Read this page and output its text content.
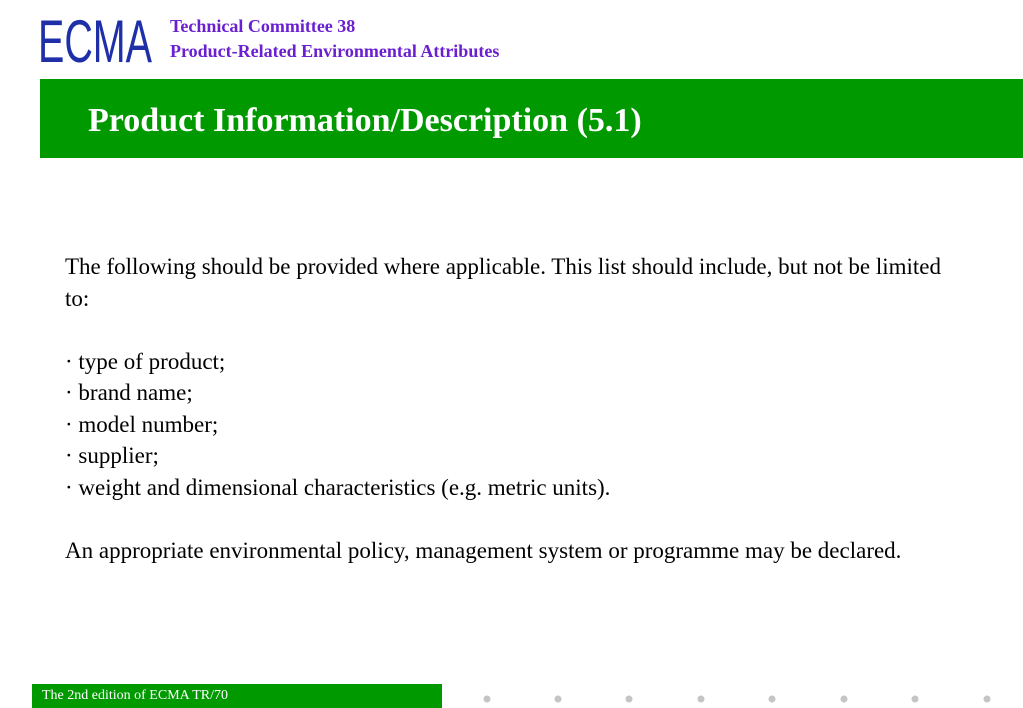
ECMA Technical Committee 38
Product-Related Environmental Attributes
Product Information/Description (5.1)

The following should be provided where applicable. This list should include, but not be limited to:

· type of product;
· brand name;
· model number;
· supplier;
· weight and dimensional characteristics (e.g. metric units).

An appropriate environmental policy, management system or programme may be declared.

The 2nd edition of ECMA TR/70
